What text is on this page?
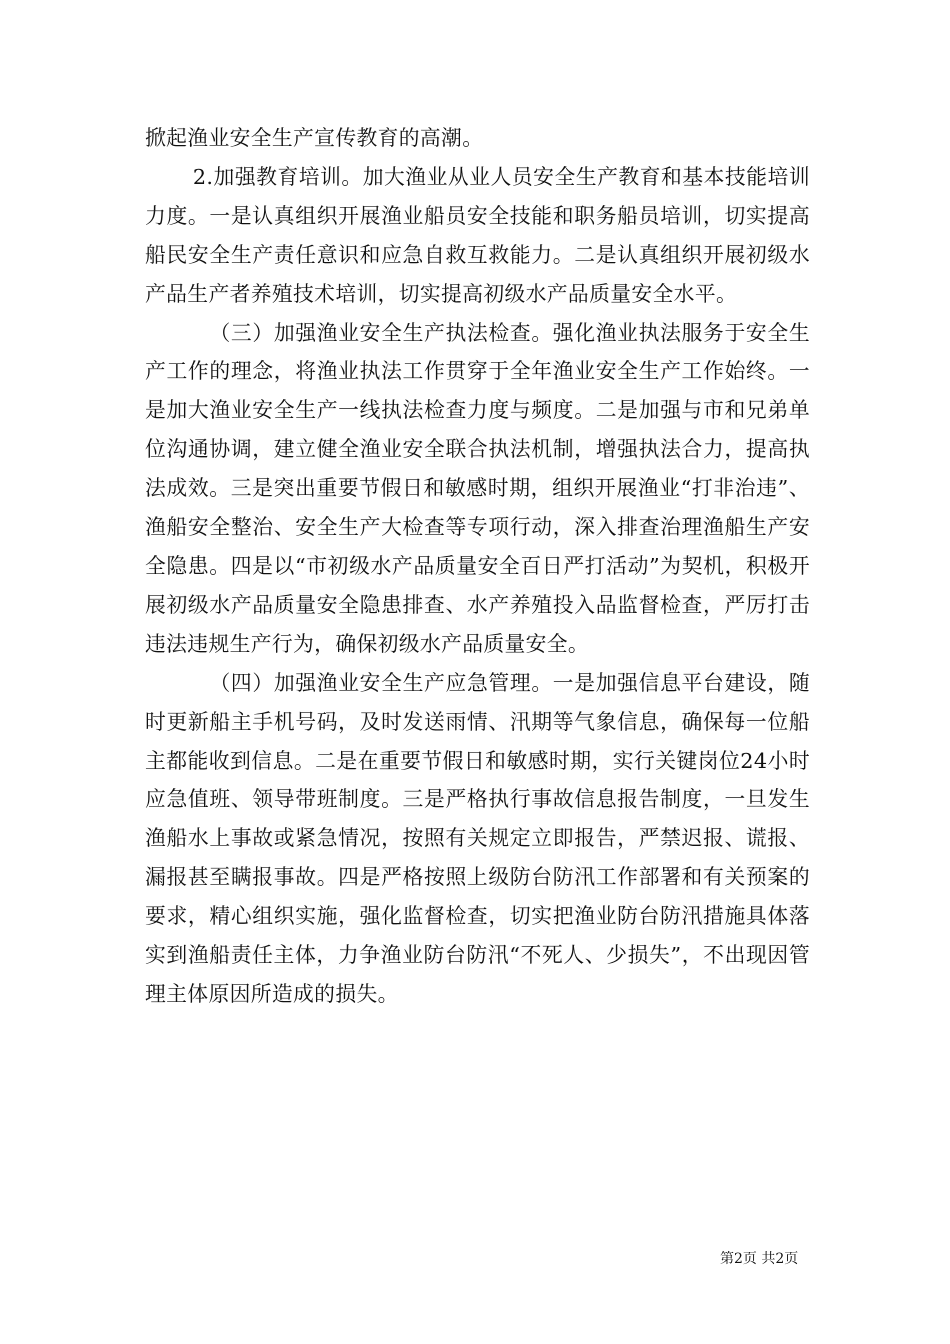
掀起渔业安全生产宣传教育的高潮。

2.加强教育培训。加大渔业从业人员安全生产教育和基本技能培训力度。一是认真组织开展渔业船员安全技能和职务船员培训，切实提高船民安全生产责任意识和应急自救互救能力。二是认真组织开展初级水产品生产者养殖技术培训，切实提高初级水产品质量安全水平。

（三）加强渔业安全生产执法检查。强化渔业执法服务于安全生产工作的理念，将渔业执法工作贯穿于全年渔业安全生产工作始终。一是加大渔业安全生产一线执法检查力度与频度。二是加强与市和兄弟单位沟通协调，建立健全渔业安全联合执法机制，增强执法合力，提高执法成效。三是突出重要节假日和敏感时期，组织开展渔业“打非治违”、渔船安全整治、安全生产大检查等专项行动，深入排查治理渔船生产安全隐患。四是以“市初级水产品质量安全百日严打活动”为契机，积极开展初级水产品质量安全隐患排查、水产养殖投入品监督检查，严厉打击违法违规生产行为，确保初级水产品质量安全。

（四）加强渔业安全生产应急管理。一是加强信息平台建设，随时更新船主手机号码，及时发送雨情、汛期等气象信息，确保每一位船主都能收到信息。二是在重要节假日和敏感时期，实行关键岗位24小时应急值班、领导带班制度。三是严格执行事故信息报告制度，一旦发生渔船水上事故或紧急情况，按照有关规定立即报告，严禁迟报、谎报、漏报甚至瞒报事故。四是严格按照上级防台防汛工作部署和有关预案的要求，精心组织实施，强化监督检查，切实把渔业防台防汛措施具体落实到渔船责任主体，力争渔业防台防汛“不死人、少损失”，不出现因管理主体原因所造成的损失。

第2页 共2页
